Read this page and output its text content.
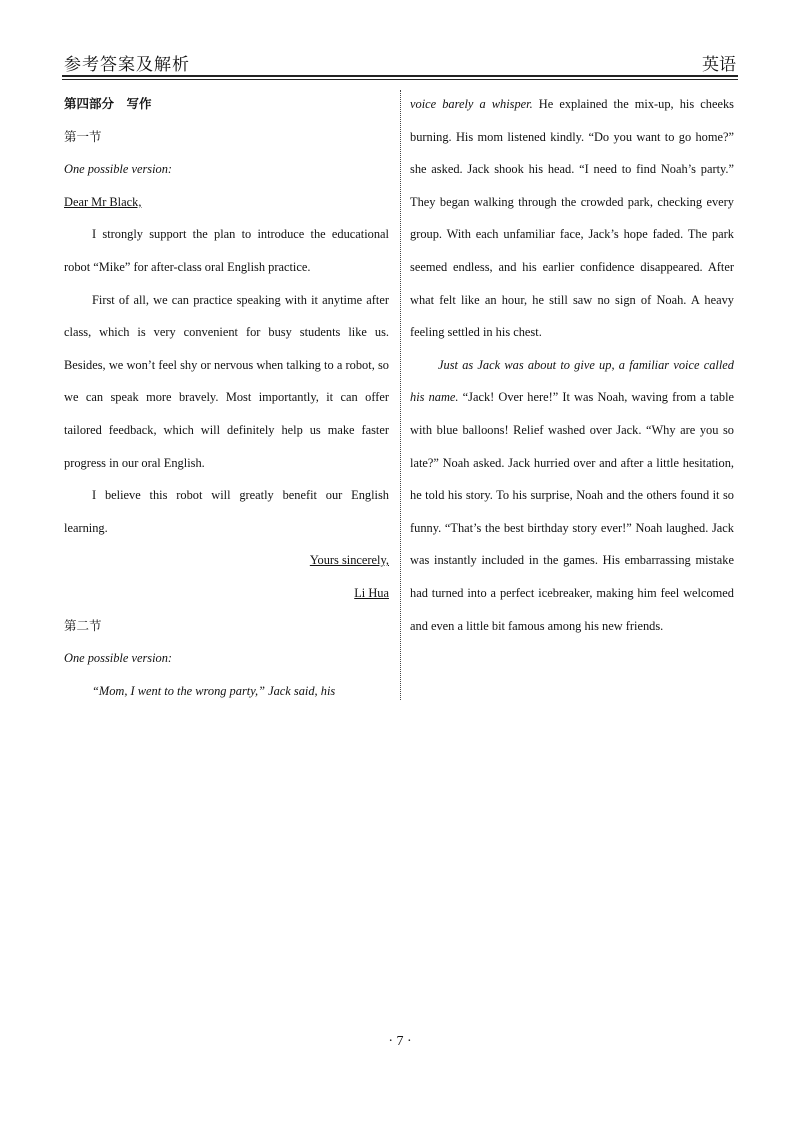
参考答案及解析	英语

第四部分　写作

第一节

One possible version:

Dear Mr Black,

I strongly support the plan to introduce the educational robot “Mike” for after-class oral English practice.

First of all, we can practice speaking with it anytime after class, which is very convenient for busy students like us. Besides, we won’t feel shy or nervous when talking to a robot, so we can speak more bravely. Most importantly, it can offer tailored feedback, which will definitely help us make faster progress in our oral English.

I believe this robot will greatly benefit our English learning.

Yours sincerely,

Li Hua

第二节

One possible version:

“Mom, I went to the wrong party,” Jack said, his

voice barely a whisper. He explained the mix-up, his cheeks burning. His mom listened kindly. “Do you want to go home?” she asked. Jack shook his head. “I need to find Noah’s party.” They began walking through the crowded park, checking every group. With each unfamiliar face, Jack’s hope faded. The park seemed endless, and his earlier confidence disappeared. After what felt like an hour, he still saw no sign of Noah. A heavy feeling settled in his chest.

Just as Jack was about to give up, a familiar voice called his name. “Jack! Over here!” It was Noah, waving from a table with blue balloons! Relief washed over Jack. “Why are you so late?” Noah asked. Jack hurried over and after a little hesitation, he told his story. To his surprise, Noah and the others found it so funny. “That’s the best birthday story ever!” Noah laughed. Jack was instantly included in the games. His embarrassing mistake had turned into a perfect icebreaker, making him feel welcomed and even a little bit famous among his new friends.

· 7 ·
